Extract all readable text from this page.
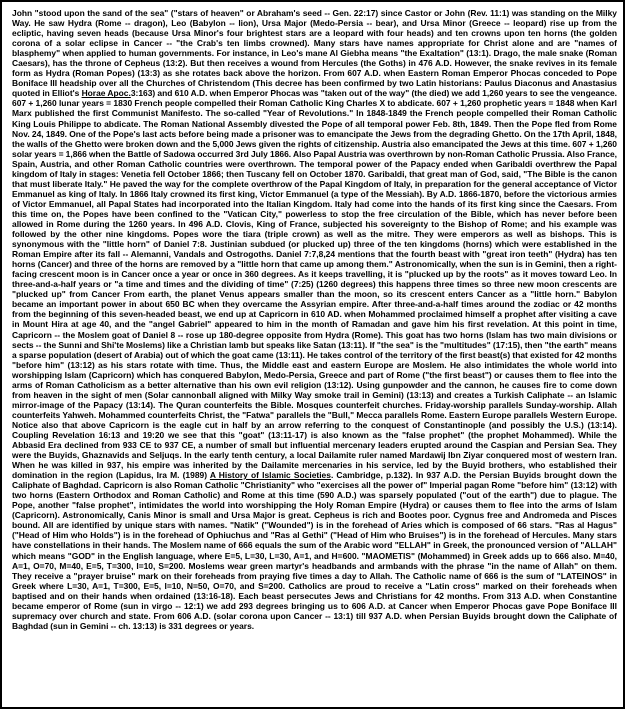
John "stood upon the sand of the sea" ("stars of heaven" or Abraham's seed -- Gen. 22:17) since Castor or John (Rev. 11:1) was standing on the Milky Way. He saw Hydra (Rome -- dragon), Leo (Babylon -- lion), Ursa Major (Medo-Persia -- bear), and Ursa Minor (Greece -- leopard) rise up from the ecliptic, having seven heads (because Ursa Minor's four brightest stars are a leopard with four heads) and ten crowns upon ten horns (the golden corona of a solar eclipse in Cancer -- "the Crab's ten limbs crowned). Many stars have names appropriate for Christ alone and are "names of blasphemy" when applied to human governments. For instance, in Leo's mane Al Giebha means "the Exaltation" (13:1). Drago, the male snake (Roman Caesars), has the throne of Cepheus (13:2). But then receives a wound from Hercules (the Goths) in 476 A.D. However, the snake revives in its female form as Hydra (Roman Popes) (13:3) as she rotates back above the horizon. From 607 A.D. when Eastern Roman Emperor Phocas conceded to Pope Boniface III headship over all the Churches of Christendom (This decree has been confirmed by two Latin historians: Paulus Diaconus and Anastasius quoted in Elliot's Horae Apoc.3:163) and 610 A.D. when Emperor Phocas was "taken out of the way" (the died) we add 1,260 years to see the vengeance. 607 + 1,260 lunar years = 1830 French people compelled their Roman Catholic King Charles X to abdicate. 607 + 1,260 prophetic years = 1848 when Karl Marx published the first Communist Manifesto. The so-called "Year of Revolutions." In 1848-1849 the French people compelled their Roman Catholic King Louis Philippe to abdicate. The Roman National Assembly divested the Pope of all temporal power Feb. 8th, 1849. Then the Pope fled from Rome Nov. 24, 1849. One of the Pope's last acts before being made a prisoner was to emancipate the Jews from the degrading Ghetto. On the 17th April, 1848, the walls of the Ghetto were broken down and the 5,000 Jews given the rights of citizenship. Austria also emancipated the Jews at this time. 607 + 1,260 solar years = 1,866 when the Battle of Sadowa occurred 3rd July 1866. Also Papal Austria was overthrown by non-Roman Catholic Prussia. Also France, Spain, Austria, and other Roman Catholic countries were overthrown. The temporal power of the Papacy ended when Garibaldi overthrew the Papal kingdom of Italy in stages: Venetia fell October 1866; then Tuscany fell on October 1870. Garibaldi, that great man of God, said, "The Bible is the canon that must liberate Italy." He paved the way for the complete overthrow of the Papal Kingdom of Italy, in preparation for the general acceptance of Victor Emmanuel as king of Italy. In 1866 Italy crowned its first king, Victor Emmanuel (a type of the Messiah). By A.D. 1866-1870, before the victorious armies of Victor Emmanuel, all Papal States had incorporated into the Italian Kingdom. Italy had come into the hands of its first king since the Caesars. From this time on, the Popes have been confined to the "Vatican City," powerless to stop the free circulation of the Bible, which has never before been allowed in Rome during the 1260 years. In 496 A.D. Clovis, King of France, subjected his sovereignty to the Bishop of Rome; and his example was followed by the other nine kingdoms. Popes wore the tiara (triple crown) as well as the mitre. They were emperors as well as bishops. This is synonymous with the "little horn" of Daniel 7:8. Justinian subdued (or plucked up) three of the ten kingdoms (horns) which were established in the Roman Empire after its fall -- Alemanni, Vandals and Ostrogoths. Daniel 7:7,8,24 mentions that the fourth beast with "great iron teeth" (Hydra) has ten horns (Cancer) and three of the horns are removed by a "little horn that came up among them." Astronomically, when the sun is in Gemini, then a right-facing crescent moon is in Cancer once a year or once in 360 degrees. As it keeps travelling, it is "plucked up by the roots" as it moves toward Leo. In three-and-a-half years or "a time and times and the dividing of time" (7:25) (1260 degrees) this happens three times so three new moon crescents are "plucked up" from Cancer From earth, the planet Venus appears smaller than the moon, so its crescent enters Cancer as a "little horn." Babylon became an important power in about 650 BC when they overcame the Assyrian empire. After three-and-a-half times around the zodiac or 42 months from the beginning of this seven-headed beast, we end up at Capricorn in 610 AD. when Mohammed proclaimed himself a prophet after visiting a cave in Mount Hira at age 40, and the "angel Gabriel" appeared to him in the month of Ramadan and gave him his first revelation. At this point in time, Capricorn -- the Moslem goat of Daniel 8 -- rose up 180-degree opposite from Hydra (Rome). This goat has two horns (Islam has two main divisions or sects -- the Sunni and Shi'te Moslems) like a Christian lamb but speaks like Satan (13:11). If "the sea" is the "multitudes" (17:15), then "the earth" means a sparse population (desert of Arabia) out of which the goat came (13:11). He takes control of the territory of the first beast(s) that existed for 42 months "before him" (13:12) as his stars rotate with time. Thus, the Middle east and eastern Europe are Moslem. He also intimidates the whole world into worshipping Islam (Capricorn) which has conquered Babylon, Medo-Persia, Greece and part of Rome ("the first beast") or causes them to flee into the arms of Roman Catholicism as a better alternative than his own evil religion (13:12). Using gunpowder and the cannon, he causes fire to come down from heaven in the sight of men (Solar cannonball aligned with Milky Way smoke trail in Gemini) (13:13) and creates a Turkish Caliphate -- an Islamic mirror-image of the Papacy (13:14). The Quran counterfeits the Bible. Mosques counterfeit churches. Friday-worship parallels Sunday-worship. Allah counterfeits Yahweh. Mohammed counterfeits Christ, the "Fatwa" parallels the "Bull," Mecca parallels Rome. Eastern Europe parallels Western Europe. Notice also that above Capricorn is the eagle cut in half by an arrow referring to the conquest of Constantinople (and possibly the U.S.) (13:14). Coupling Revelation 16:13 and 19:20 we see that this "goat" (13:11-17) is also known as the "false prophet" (the prophet Mohammed). While the Abbasid Era declined from 933 CE to 937 CE, a number of small but influential mercenary leaders erupted around the Caspian and Persian Sea. They were the Buyids, Ghaznavids and Seljuqs. In the early tenth century, a local Dailamite ruler named Mardawij Ibn Ziyar conquered most of western Iran. When he was killed in 937, his empire was inherited by the Dailamite mercenaries in his service, led by the Buyid brothers, who established their domination in the region (Lapidus, Ira M. (1989) A History of Islamic Societies. Cambridge, p.132). In 937 A.D. the Persian Buyids brought down the Caliphate of Baghdad. Capricorn is also Roman Catholic "Christianity" who "exercises all the power of" Imperial pagan Rome "before him" (13:12) with two horns (Eastern Orthodox and Roman Catholic) and Rome at this time (590 A.D.) was sparsely populated ("out of the earth") due to plague. The Pope, another "false prophet", intimidates the world into worshipping the Holy Roman Empire (Hydra) or causes them to flee into the arms of Islam (Capricorn). Astronomically, Canis Minor is small and Ursa Major is great. Cepheus is rich and Bootes poor. Cygnus free and Andromeda and Pisces bound. All are identified by unique stars with names. "Natik" ("Wounded") is in the forehead of Aries which is composed of 66 stars. "Ras al Hagus" ("Head of Him who Holds") is in the forehead of Ophiuchus and "Ras al Gethi" ("Head of Him who Bruises") is in the forehead of Hercules. Many stars have constellations in their hands. The Moslem name of 666 equals the sum of the Arabic word "ELLAH" in Greek, the pronounced version of "ALLAH" which means "GOD" in the English language, where E=5, L=30, L=30, A=1, and H=600. "MAOMETIS" (Mohammed) in Greek adds up to 666 also. M=40, A=1, O=70, M=40, E=5, T=300, I=10, S=200. Moslems wear green martyr's headbands and armbands with the phrase "in the name of Allah" on them. They receive a "prayer bruise" mark on their foreheads from praying five times a day to Allah. The Catholic name of 666 is the sum of "LATEINOS" in Greek where L=30, A=1, T=300, E=5, I=10, N=50, O=70, and S=200. Catholics are proud to receive a "Latin cross" marked on their foreheads when baptised and on their hands when ordained (13:16-18). Each beast persecutes Jews and Christians for 42 months. From 313 A.D. when Constantine became emperor of Rome (sun in virgo -- 12:1) we add 293 degrees bringing us to 606 A.D. at Cancer when Emperor Phocas gave Pope Boniface III supremacy over church and state. From 606 A.D. (solar corona upon Cancer -- 13:1) till 937 A.D. when Persian Buyids brought down the Caliphate of Baghdad (sun in Gemini -- ch. 13:13) is 331 degrees or years.
